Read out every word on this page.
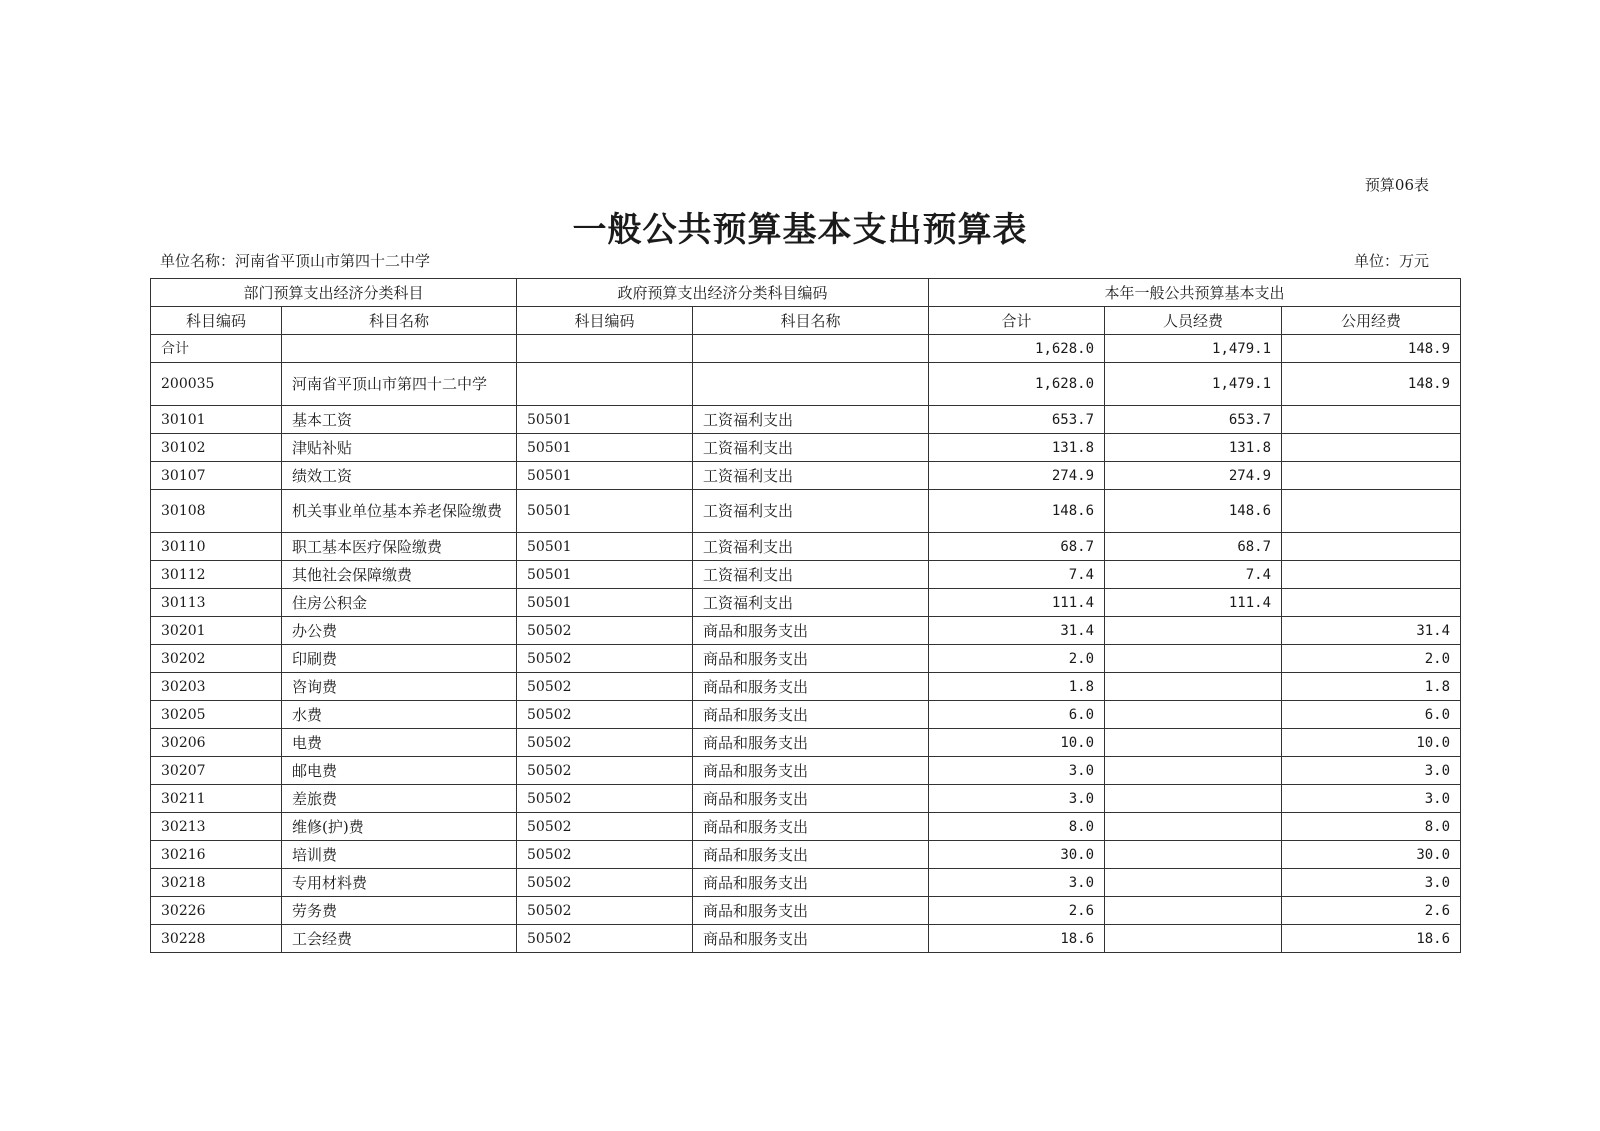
预算06表
一般公共预算基本支出预算表
单位名称：河南省平顶山市第四十二中学	单位：万元
部门预算支出经济分类科目		政府预算支出经济分类科目编码		本年一般公共预算基本支出		
科目编码	科目名称	科目编码	科目名称	合计	人员经费	公用经费
合计				1,628.0	1,479.1	148.9
200035	河南省平顶山市第四十二中学			1,628.0	1,479.1	148.9
30101	基本工资	50501	工资福利支出	653.7	653.7	
30102	津贴补贴	50501	工资福利支出	131.8	131.8	
30107	绩效工资	50501	工资福利支出	274.9	274.9	
30108	机关事业单位基本养老保险缴费	50501	工资福利支出	148.6	148.6	
30110	职工基本医疗保险缴费	50501	工资福利支出	68.7	68.7	
30112	其他社会保障缴费	50501	工资福利支出	7.4	7.4	
30113	住房公积金	50501	工资福利支出	111.4	111.4	
30201	办公费	50502	商品和服务支出	31.4		31.4
30202	印刷费	50502	商品和服务支出	2.0		2.0
30203	咨询费	50502	商品和服务支出	1.8		1.8
30205	水费	50502	商品和服务支出	6.0		6.0
30206	电费	50502	商品和服务支出	10.0		10.0
30207	邮电费	50502	商品和服务支出	3.0		3.0
30211	差旅费	50502	商品和服务支出	3.0		3.0
30213	维修(护)费	50502	商品和服务支出	8.0		8.0
30216	培训费	50502	商品和服务支出	30.0		30.0
30218	专用材料费	50502	商品和服务支出	3.0		3.0
30226	劳务费	50502	商品和服务支出	2.6		2.6
30228	工会经费	50502	商品和服务支出	18.6		18.6
